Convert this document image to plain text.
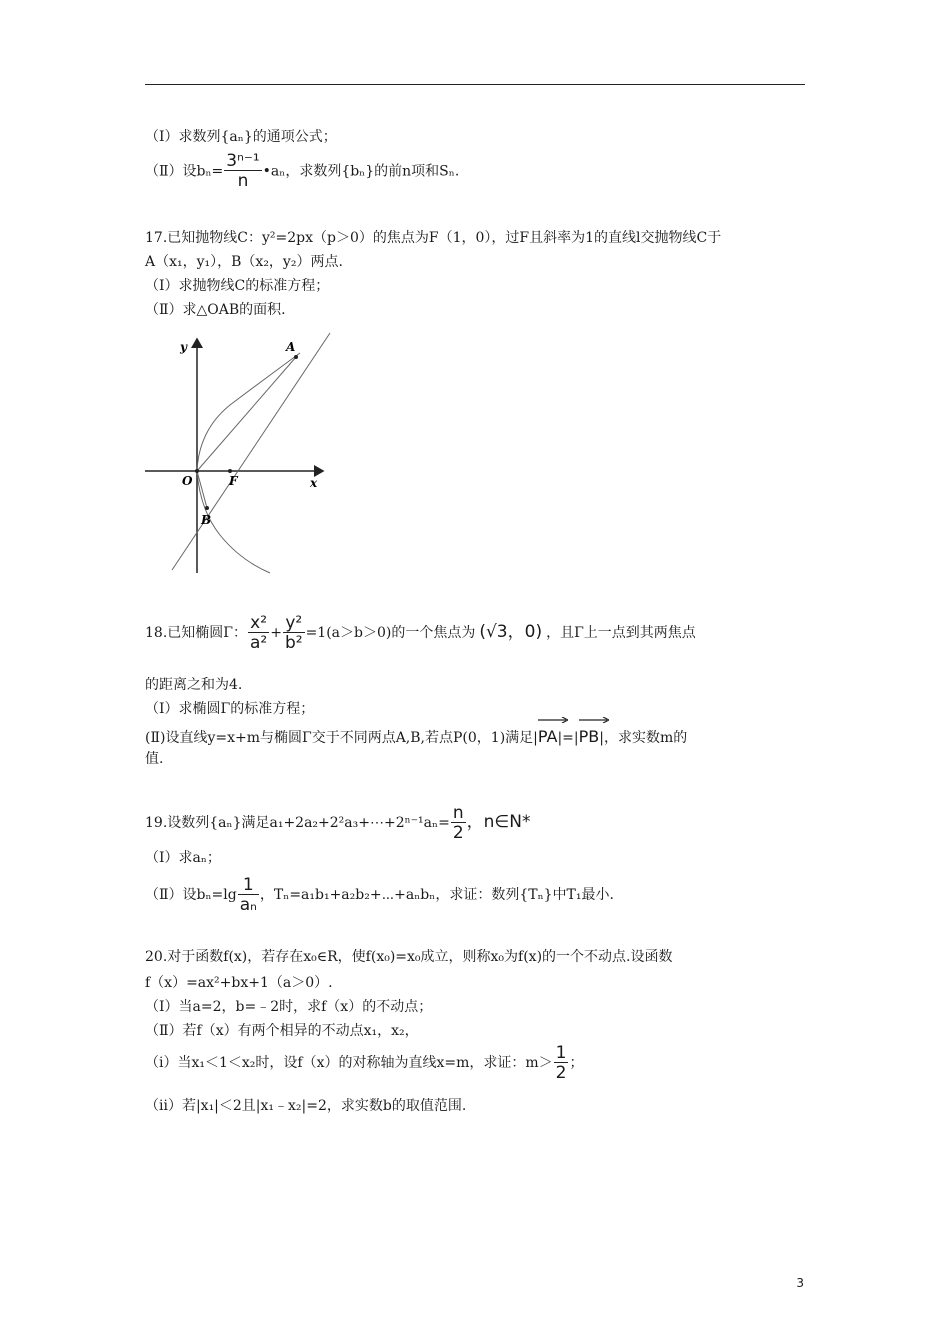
（Ⅰ）求数列{aₙ}的通项公式；
（Ⅱ）设$b_n= \frac{\text{3ⁿ⁻¹}}{n}$ •aₙ，求数列{bₙ}的前n项和Sₙ.
17.已知抛物线C：y²=2px（p＞0）的焦点为F（1，0），过F且斜率为1的直线l交抛物线C于
A（x₁，y₁），B（x₂，y₂）两点.
（Ⅰ）求抛物线C的标准方程；
（Ⅱ）求△OAB的面积.
y
x
O	F
A
B
18.已知椭圆Γ： $\frac{\text{x²}}{\text{a²}} + \frac{\text{y²}}{\text{b²}} =1(a>b>0)$的一个焦点为 (√3，0) ，且Γ上一点到其两焦点
的距离之和为4.
（Ⅰ）求椭圆Γ的标准方程；
(Ⅱ)设直线y=x+m与椭圆Γ交于不同两点A,B,若点P(0，1)满足|
PA|=|
PB|，求实数m的
值.
19.设数列{aₙ}满足a₁+2a₂+2²a₃+⋯+2ⁿ⁻¹aₙ= $\frac{n}{2}$ ，n∈N*
（Ⅰ）求aₙ；
（Ⅱ）设$b_n=\lg \frac{1}{\text{aₙ}}$ ，Tₙ=a₁b₁+a₂b₂+⋯+aₙbₙ，求证：数列{Tₙ}中T₁最小.
20.对于函数f(x)，若存在x₀∈R，使f(x₀)=x₀成立，则称x₀为f(x)的一个不动点.设函数
f（x）=ax²+bx+1（a＞0）.
（Ⅰ）当a=2，b=﹣2时，求f（x）的不动点；
（Ⅱ）若f（x）有两个相异的不动点x₁，x₂，
（ⅰ）当x₁＜1＜x₂时，设f（x）的对称轴为直线x=m，求证：$m> \frac{1}{2}$ ；
（ⅱ）若|x₁|＜2且|x₁﹣x₂|=2，求实数b的取值范围.
3
